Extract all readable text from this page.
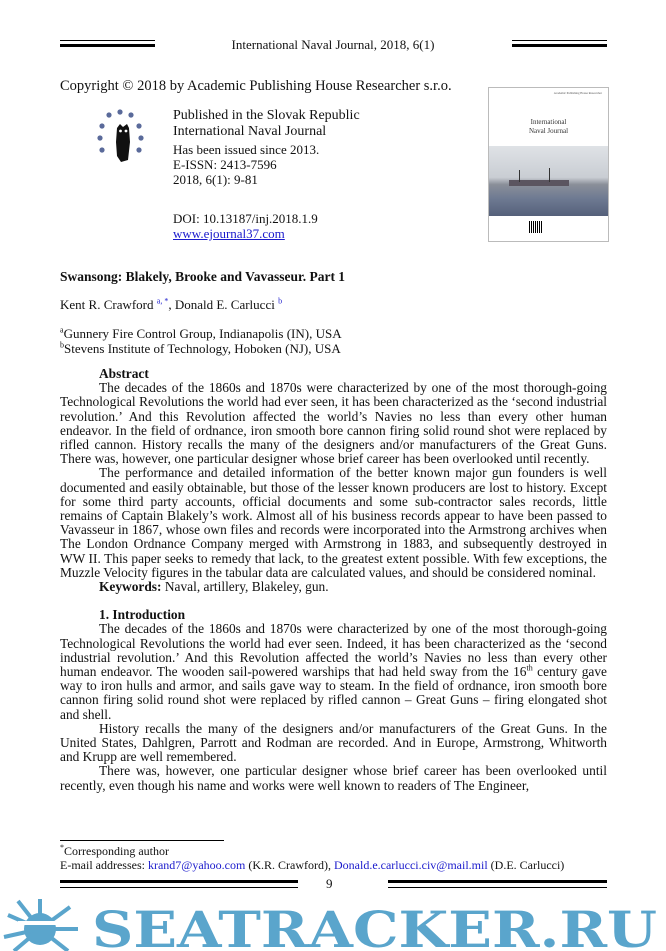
International Naval Journal, 2018, 6(1)
Copyright © 2018 by Academic Publishing House Researcher s.r.o.
Published in the Slovak Republic
International Naval Journal
Has been issued since 2013.
E-ISSN: 2413-7596
2018, 6(1): 9-81
DOI: 10.13187/inj.2018.1.9
www.ejournal37.com
Academic Publishing House Researcher
International
Naval Journal
Swansong: Blakely, Brooke and Vavasseur. Part 1
Kent R. Crawford $^{a, *}$, Donald E. Carlucci $^b$
$^a$Gunnery Fire Control Group, Indianapolis (IN), USA
$^b$Stevens Institute of Technology, Hoboken (NJ), USA
Abstract
The decades of the 1860s and 1870s were characterized by one of the most thorough-going Technological Revolutions the world had ever seen, it has been characterized as the ‘second industrial revolution.’ And this Revolution affected the world’s Navies no less than every other human endeavor. In the field of ordnance, iron smooth bore cannon firing solid round shot were replaced by rifled cannon. History recalls the many of the designers and/or manufacturers of the Great Guns. There was, however, one particular designer whose brief career has been overlooked until recently.
The performance and detailed information of the better known major gun founders is well documented and easily obtainable, but those of the lesser known producers are lost to history. Except for some third party accounts, official documents and some sub-contractor sales records, little remains of Captain Blakely’s work. Almost all of his business records appear to have been passed to Vavasseur in 1867, whose own files and records were incorporated into the Armstrong archives when The London Ordnance Company merged with Armstrong in 1883, and subsequently destroyed in WW II. This paper seeks to remedy that lack, to the greatest extent possible. With few exceptions, the Muzzle Velocity figures in the tabular data are calculated values, and should be considered nominal.
Keywords: Naval, artillery, Blakeley, gun.
1. Introduction
The decades of the 1860s and 1870s were characterized by one of the most thorough-going Technological Revolutions the world had ever seen. Indeed, it has been characterized as the ‘second industrial revolution.’ And this Revolution affected the world’s Navies no less than every other human endeavor. The wooden sail-powered warships that had held sway from the 16th century gave way to iron hulls and armor, and sails gave way to steam. In the field of ordnance, iron smooth bore cannon firing solid round shot were replaced by rifled cannon – Great Guns – firing elongated shot and shell.
History recalls the many of the designers and/or manufacturers of the Great Guns. In the United States, Dahlgren, Parrott and Rodman are recorded. And in Europe, Armstrong, Whitworth and Krupp are well remembered.
There was, however, one particular designer whose brief career has been overlooked until recently, even though his name and works were well known to readers of The Engineer,
*Corresponding author
E-mail addresses: krand7@yahoo.com (K.R. Crawford), Donald.e.carlucci.civ@mail.mil (D.E. Carlucci)
9
SEATRACKER.RU
